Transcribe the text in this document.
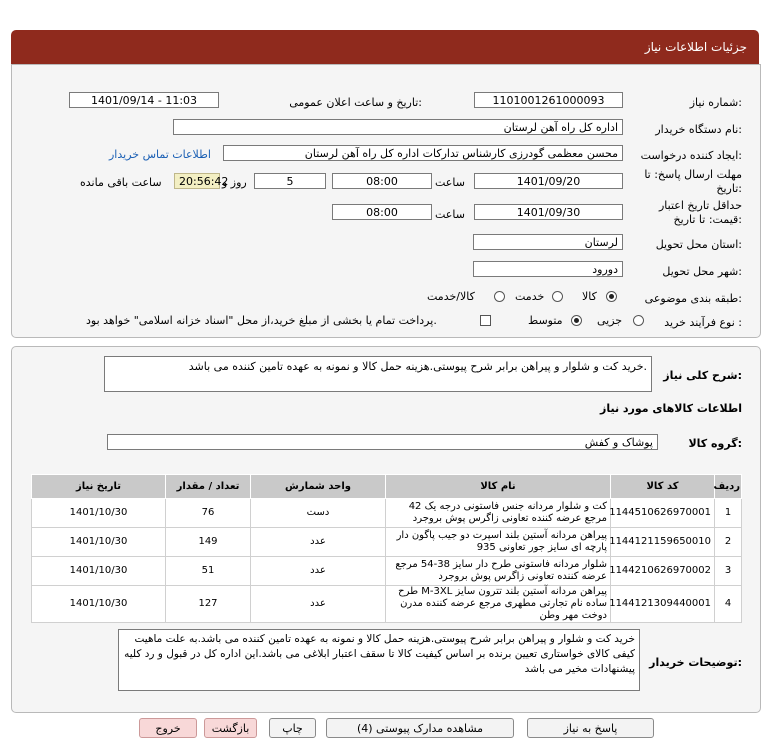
جزئیات اطلاعات نیاز
شماره نیاز:
1101001261000093
تاریخ و ساعت اعلان عمومی:
1401/09/14 - 11:03
نام دستگاه خریدار:
اداره کل راه آهن لرستان
ایجاد کننده درخواست:
محسن معظمی گودرزی کارشناس تدارکات اداره کل راه آهن لرستان
اطلاعات تماس خریدار
مهلت ارسال پاسخ: تا
تاریخ:
1401/09/20
ساعت
08:00
5
روز و
20:56:42
ساعت باقی مانده
حداقل تاریخ اعتبار
قیمت: تا تاریخ:
1401/09/30
ساعت
08:00
استان محل تحویل:
لرستان
شهر محل تحویل:
دورود
طبقه بندی موضوعی:
کالا
خدمت
کالا/خدمت
نوع فرآیند خرید :
جزیی
متوسط
پرداخت تمام یا بخشی از مبلغ خرید،از محل "اسناد خزانه اسلامی" خواهد بود.
شرح کلی نیاز:
خرید کت و شلوار و پیراهن برابر شرح پیوستی.هزینه حمل کالا و نمونه به عهده تامین کننده می باشد.
اطلاعات کالاهای مورد نیاز
گروه کالا:
پوشاک و کفش
ردیف	کد کالا	نام کالا	واحد شمارش	تعداد / مقدار	تاریخ نیاز
1	1144510626970001	کت و شلوار مردانه جنس فاستونی درجه یک 42 مرجع عرضه کننده تعاونی زاگرس پوش بروجرد	دست	76	1401/10/30
2	1144121159650010	پیراهن مردانه آستین بلند اسپرت دو جیب پاگون دار پارچه ای سایز جور تعاونی 935	عدد	149	1401/10/30
3	1144210626970002	شلوار مردانه فاستونی طرح دار سایز 38-54 مرجع عرضه کننده تعاونی زاگرس پوش بروجرد	عدد	51	1401/10/30
4	1144121309440001	پیراهن مردانه آستین بلند تترون سایز M-3XL طرح ساده نام تجارتی مطهری مرجع عرضه کننده مدرن دوخت مهر وطن	عدد	127	1401/10/30
توضیحات خریدار:
خرید کت و شلوار و پیراهن برابر شرح پیوستی.هزینه حمل کالا و نمونه به عهده تامین کننده می باشد.به علت ماهیت کیفی کالای خواستاری تعیین برنده بر اساس کیفیت کالا تا سقف اعتبار ابلاغی می باشد.این اداره کل در قبول و رد کلیه پیشنهادات مخیر می باشد
پاسخ به نیاز
مشاهده مدارک پیوستی (4)
چاپ
بازگشت
خروج
